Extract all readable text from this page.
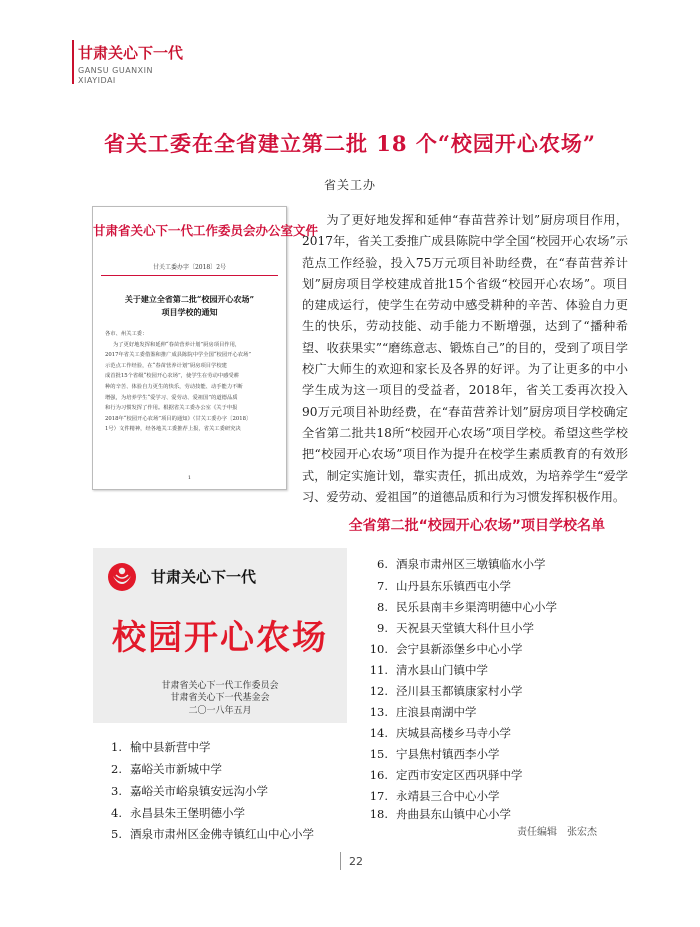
甘肃关心下一代
GANSU GUANXIN
XIAYIDAI
省关工委在全省建立第二批 18 个“校园开心农场”
省关工办
甘肃省关心下一代工作委员会办公室文件
甘关工委办字〔2018〕2号
关于建立全省第二批“校园开心农场”
项目学校的通知

各市、州关工委：

为了更好地发挥和延伸“春苗营养计划”厨房项目作用，

2017年省关工委借鉴和推广成县陈院中学全国“校园开心农场”

示范点工作经验，在“春苗营养计划”厨房项目学校建

成首批15个省级“校园开心农场”，使学生在劳动中感受耕

种的辛苦、体验自力更生的快乐，劳动技能、动手能力不断

增强，为培养学生“爱学习、爱劳动、爱祖国”的道德品质

和行为习惯发挥了作用。根据省关工委办公室《关于申报

2018年“校园开心农场”项目的通知》（甘关工委办字〔2018〕

1号）文件精神，经各地关工委推荐上报，省关工委研究决

1

为了更好地发挥和延伸“春苗营养计划”厨房项目作用，2017年，省关工委推广成县陈院中学全国“校园开心农场”示范点工作经验，投入75万元项目补助经费，在“春苗营养计划”厨房项目学校建成首批15个省级“校园开心农场”。项目的建成运行，使学生在劳动中感受耕种的辛苦、体验自力更生的快乐，劳动技能、动手能力不断增强，达到了“播种希望、收获果实”“磨练意志、锻炼自己”的目的，受到了项目学校广大师生的欢迎和家长及各界的好评。为了让更多的中小学生成为这一项目的受益者，2018年，省关工委再次投入90万元项目补助经费，在“春苗营养计划”厨房项目学校确定全省第二批共18所“校园开心农场”项目学校。希望这些学校把“校园开心农场”项目作为提升在校学生素质教育的有效形式，制定实施计划，靠实责任，抓出成效，为培养学生“爱学习、爱劳动、爱祖国”的道德品质和行为习惯发挥积极作用。

全省第二批“校园开心农场”项目学校名单
甘肃关心下一代
校园开心农场
甘肃省关心下一代工作委员会
甘肃省关心下一代基金会
二〇一八年五月
1. 榆中县新营中学
2. 嘉峪关市新城中学
3. 嘉峪关市峪泉镇安远沟小学
4. 永昌县朱王堡明德小学
5. 酒泉市肃州区金佛寺镇红山中心小学
6. 酒泉市肃州区三墩镇临水小学
7. 山丹县东乐镇西屯小学
8. 民乐县南丰乡渠湾明德中心小学
9. 天祝县天堂镇大科什旦小学
10. 会宁县新添堡乡中心小学
11. 清水县山门镇中学
12. 泾川县玉都镇康家村小学
13. 庄浪县南湖中学
14. 庆城县高楼乡马寺小学
15. 宁县焦村镇西李小学
16. 定西市安定区西巩驿中学
17. 永靖县三合中心小学
18. 舟曲县东山镇中心小学
责任编辑　张宏杰
22
